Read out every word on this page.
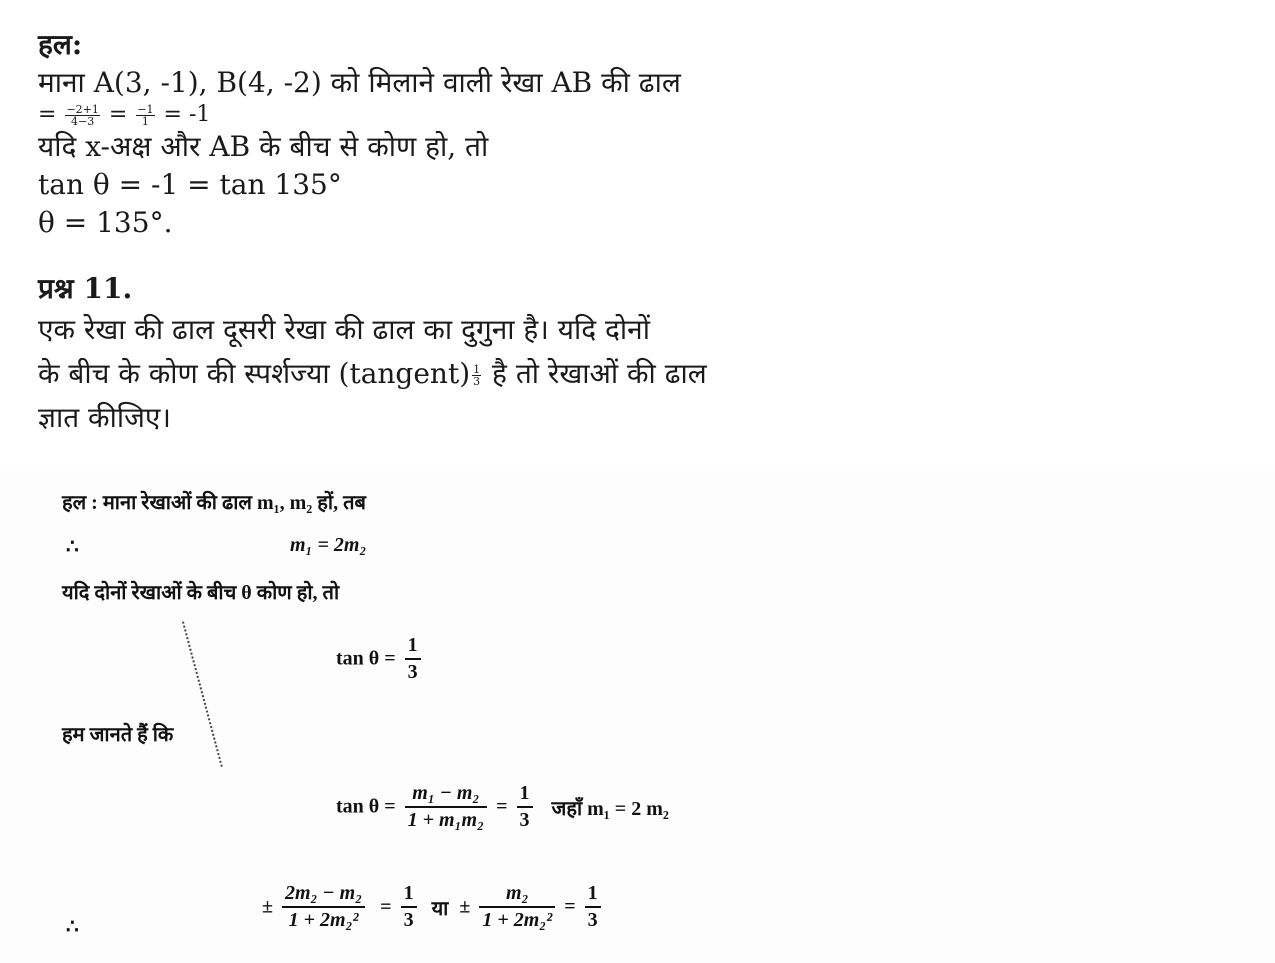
हल:
माना A(3, -1), B(4, -2) को मिलाने वाली रेखा AB की ढाल
= $\frac{-2+1}{4-3} = \frac{-1}{1} = -1$
यदि x-अक्ष और AB के बीच से कोण हो, तो
tan θ = -1 = tan 135°
θ = 135°.
प्रश्न 11.
एक रेखा की ढाल दूसरी रेखा की ढाल का दुगुना है। यदि दोनों
के बीच के कोण की स्पर्शज्या (tangent) $\frac{1}{3}$ है तो रेखाओं की ढाल
ज्ञात कीजिए।
हल : माना रेखाओं की ढाल m₁, m₂ हों, तब
∴	m₁ = 2m₂
यदि दोनों रेखाओं के बीच θ कोण हो, तो
$\tan \theta = \frac{1}{3}$
हम जानते हैं कि
$\tan \theta = \frac{\text{m₁ − m₂}}{\text{1 + m₁m₂}} = \frac{1}{3}$ जहाँ m₁ = 2 m₂
∴
± $\frac{\text{2m₂ − m₂}}{\text{1 + 2m₂²}} = \frac{1}{3}$ या ± $\frac{\text{m₂}}{\text{1 + 2m₂²}} = \frac{1}{3}$
